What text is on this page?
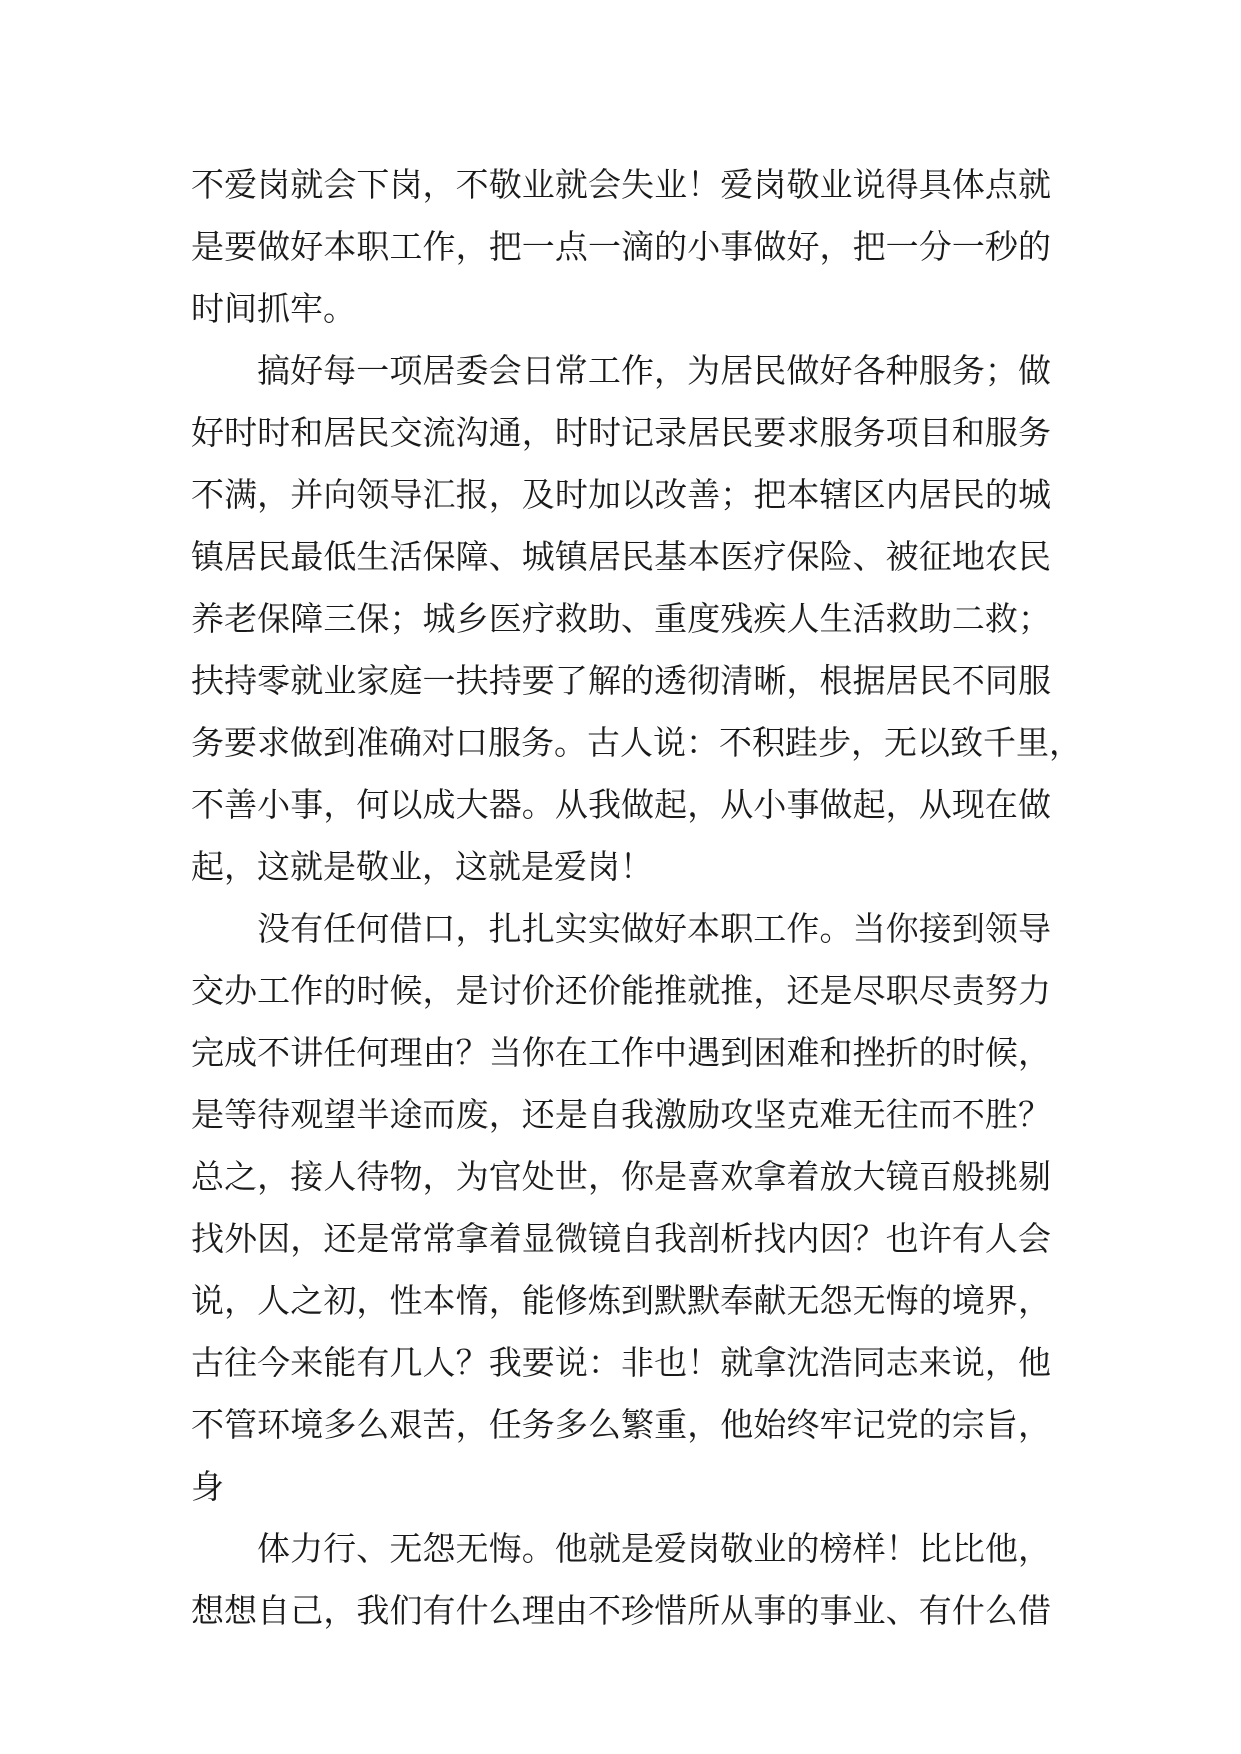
不爱岗就会下岗，不敬业就会失业！爱岗敬业说得具体点就
是要做好本职工作，把一点一滴的小事做好，把一分一秒的
时间抓牢。
搞好每一项居委会日常工作，为居民做好各种服务；做
好时时和居民交流沟通，时时记录居民要求服务项目和服务
不满，并向领导汇报，及时加以改善；把本辖区内居民的城
镇居民最低生活保障、城镇居民基本医疗保险、被征地农民
养老保障三保；城乡医疗救助、重度残疾人生活救助二救；
扶持零就业家庭一扶持要了解的透彻清晰，根据居民不同服
务要求做到准确对口服务。古人说：不积跬步，无以致千里，
不善小事，何以成大器。从我做起，从小事做起，从现在做
起，这就是敬业，这就是爱岗！
没有任何借口，扎扎实实做好本职工作。当你接到领导
交办工作的时候，是讨价还价能推就推，还是尽职尽责努力
完成不讲任何理由？当你在工作中遇到困难和挫折的时候，
是等待观望半途而废，还是自我激励攻坚克难无往而不胜？
总之，接人待物，为官处世，你是喜欢拿着放大镜百般挑剔
找外因，还是常常拿着显微镜自我剖析找内因？也许有人会
说，人之初，性本惰，能修炼到默默奉献无怨无悔的境界，
古往今来能有几人？我要说：非也！就拿沈浩同志来说，他
不管环境多么艰苦，任务多么繁重，他始终牢记党的宗旨，
身
体力行、无怨无悔。他就是爱岗敬业的榜样！比比他，
想想自己，我们有什么理由不珍惜所从事的事业、有什么借
